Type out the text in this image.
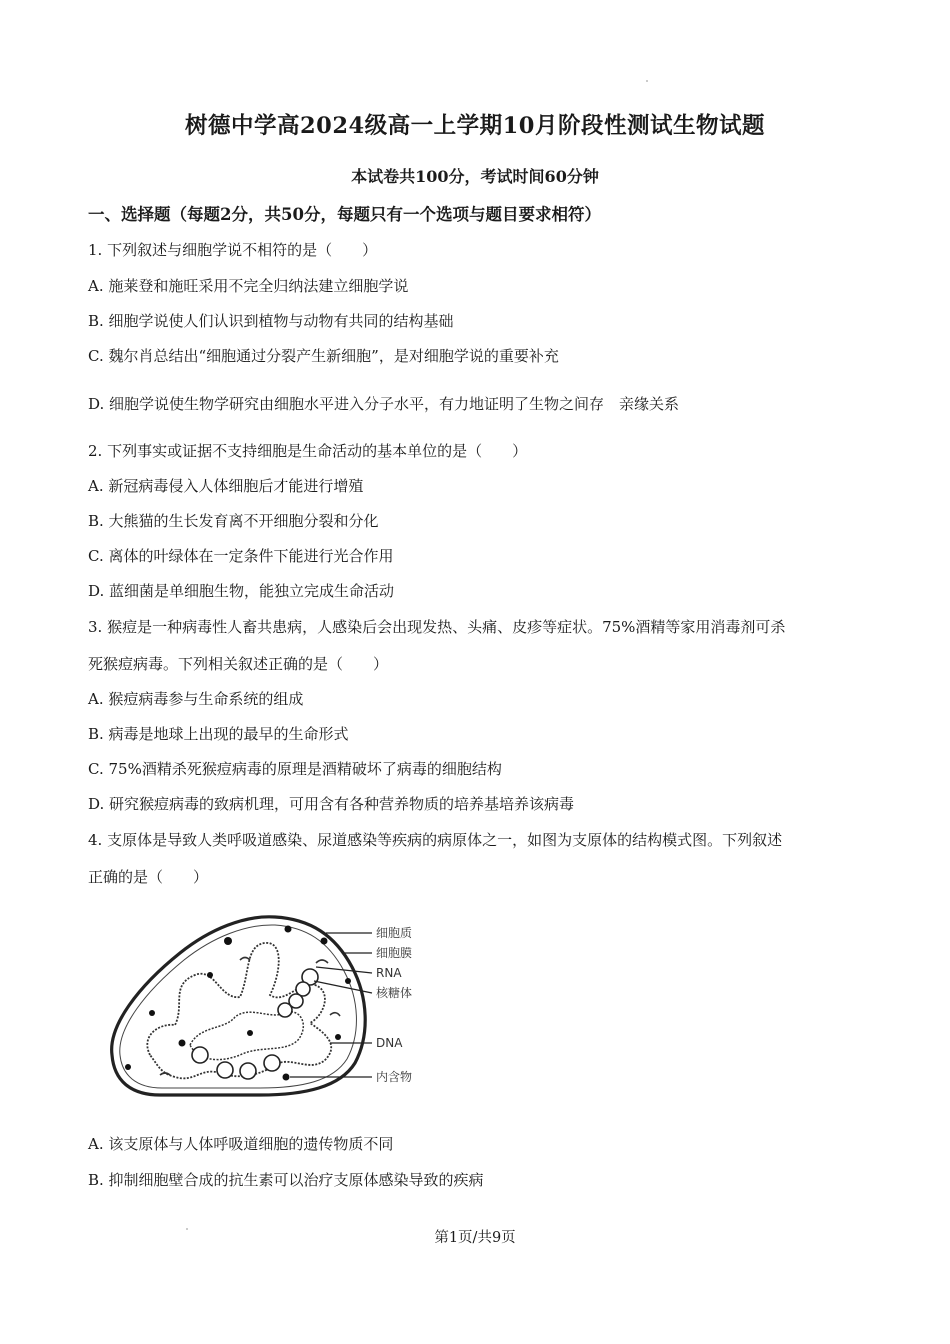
树德中学高2024级高一上学期10月阶段性测试生物试题

本试卷共100分，考试时间60分钟

一、选择题（每题2分，共50分，每题只有一个选项与题目要求相符）

1. 下列叙述与细胞学说不相符的是（　　）

A. 施莱登和施旺采用不完全归纳法建立细胞学说

B. 细胞学说使人们认识到植物与动物有共同的结构基础

C. 魏尔肖总结出“细胞通过分裂产生新细胞”，是对细胞学说的重要补充

D. 细胞学说使生物学研究由细胞水平进入分子水平，有力地证明了生物之间存　亲缘关系

2. 下列事实或证据不支持细胞是生命活动的基本单位的是（　　）

A. 新冠病毒侵入人体细胞后才能进行增殖

B. 大熊猫的生长发育离不开细胞分裂和分化

C. 离体的叶绿体在一定条件下能进行光合作用

D. 蓝细菌是单细胞生物，能独立完成生命活动

3. 猴痘是一种病毒性人畜共患病，人感染后会出现发热、头痛、皮疹等症状。75%酒精等家用消毒剂可杀

死猴痘病毒。下列相关叙述正确的是（　　）

A. 猴痘病毒参与生命系统的组成

B. 病毒是地球上出现的最早的生命形式

C. 75%酒精杀死猴痘病毒的原理是酒精破坏了病毒的细胞结构

D. 研究猴痘病毒的致病机理，可用含有各种营养物质的培养基培养该病毒

4. 支原体是导致人类呼吸道感染、尿道感染等疾病的病原体之一，如图为支原体的结构模式图。下列叙述

正确的是（　　）

细胞质
细胞膜
RNA
核糖体
DNA
内含物

A. 该支原体与人体呼吸道细胞的遗传物质不同

B. 抑制细胞壁合成的抗生素可以治疗支原体感染导致的疾病

第1页/共9页
